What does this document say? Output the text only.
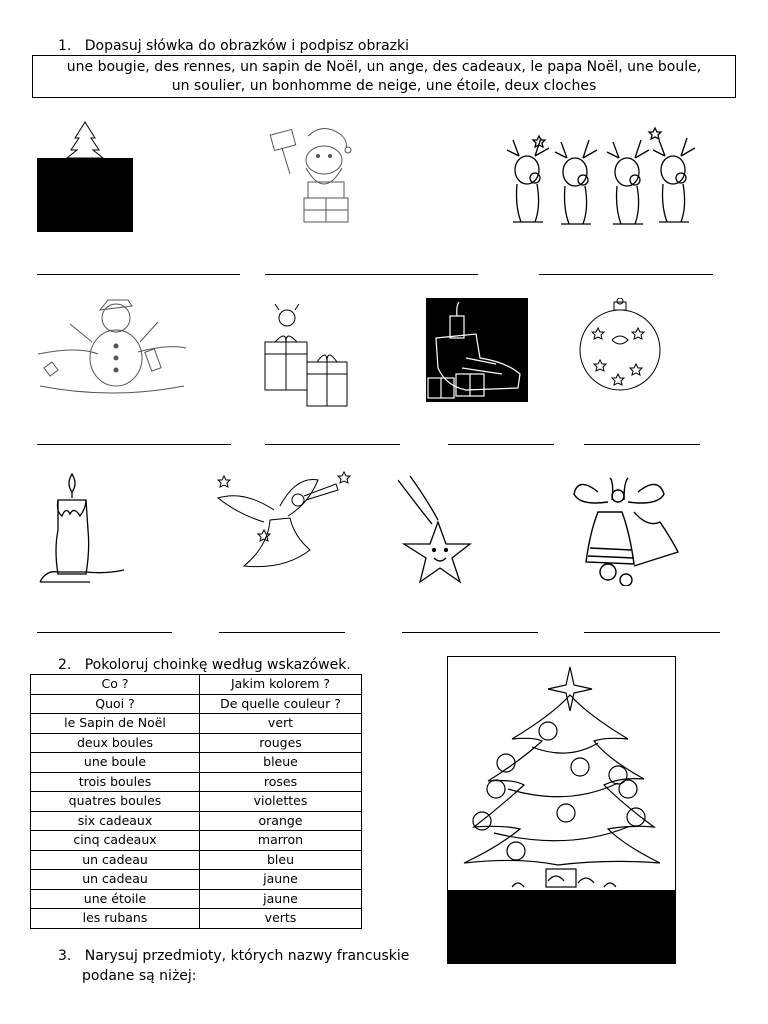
1. Dopasuj słówka do obrazków i podpisz obrazki
une bougie, des rennes, un sapin de Noël, un ange, des cadeaux, le papa Noël, une boule,
un soulier, un bonhomme de neige, une étoile, deux cloches
2. Pokoloruj choinkę według wskazówek.
Co ?	Jakim kolorem ?
Quoi ?	De quelle couleur ?
le Sapin de Noël	vert
deux boules	rouges
une boule	bleue
trois boules	roses
quatres boules	violettes
six cadeaux	orange
cinq cadeaux	marron
un cadeau	bleu
un cadeau	jaune
une étoile	jaune
les rubans	verts
3. Narysuj przedmioty, których nazwy francuskie
podane są niżej:
